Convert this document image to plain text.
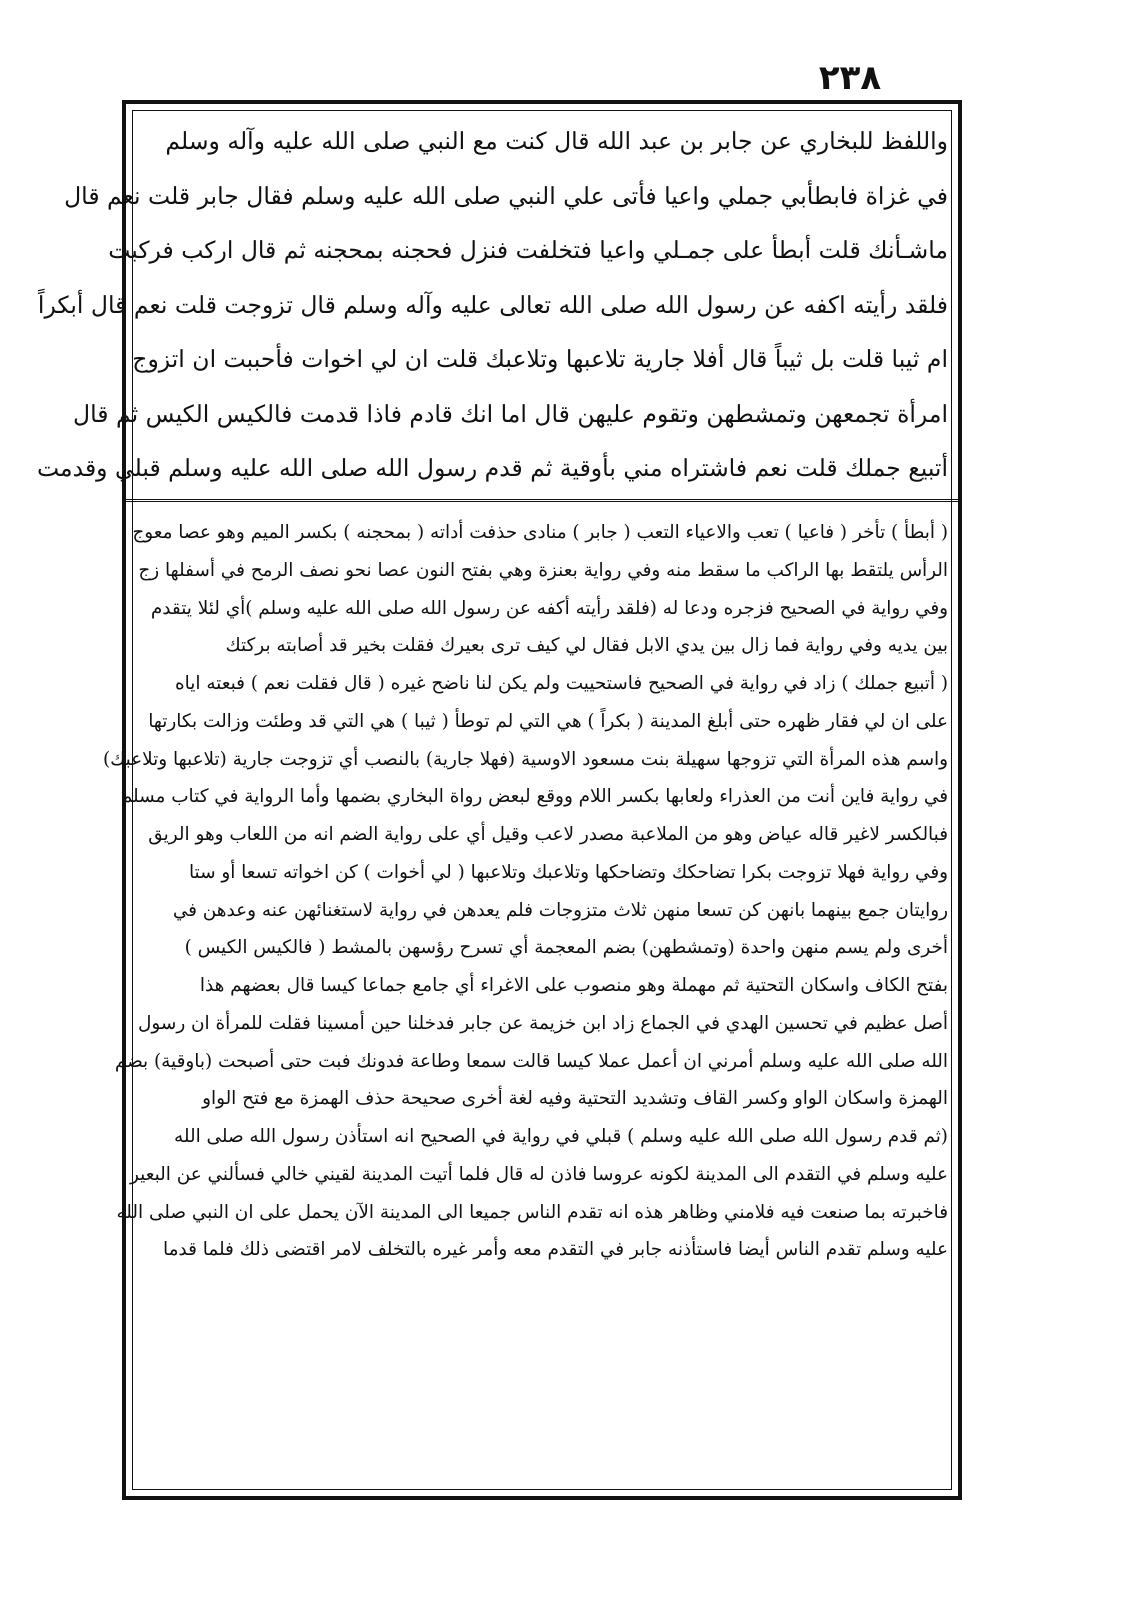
٢٣٨
واللفظ للبخاري عن جابر بن عبد الله قال كنت مع النبي صلى الله عليه وآله وسلم
في غزاة فابطأبي جملي واعيا فأتى علي النبي صلى الله عليه وسلم فقال جابر قلت نعم قال
ماشـأنك قلت أبطأ على جمـلي واعيا فتخلفت فنزل فحجنه بمحجنه ثم قال اركب فركبت
فلقد رأيته اكفه عن رسول الله صلى الله تعالى عليه وآله وسلم قال تزوجت قلت نعم قال أبكراً
ام ثيبا قلت بل ثيباً قال أفلا جارية تلاعبها وتلاعبك قلت ان لي اخوات فأحببت ان اتزوج
امرأة تجمعهن وتمشطهن وتقوم عليهن قال اما انك قادم فاذا قدمت فالكيس الكيس ثم قال
أتبيع جملك قلت نعم فاشتراه مني بأوقية ثم قدم رسول الله صلى الله عليه وسلم قبلي وقدمت
( أبطأ ) تأخر ( فاعيا ) تعب والاعياء التعب ( جابر ) منادى حذفت أداته ( بمحجنه ) بكسر الميم وهو عصا معوج
الرأس يلتقط بها الراكب ما سقط منه وفي رواية بعنزة وهي بفتح النون عصا نحو نصف الرمح في أسفلها زج
وفي رواية في الصحيح فزجره ودعا له (فلقد رأيته أكفه عن رسول الله صلى الله عليه وسلم )أي لئلا يتقدم
بين يديه وفي رواية فما زال بين يدي الابل فقال لي كيف ترى بعيرك فقلت بخير قد أصابته بركتك
( أتبيع جملك ) زاد في رواية في الصحيح فاستحييت ولم يكن لنا ناضح غيره ( قال فقلت نعم ) فبعته اياه
على ان لي فقار ظهره حتى أبلغ المدينة ( بكراً ) هي التي لم توطأ ( ثيبا ) هي التي قد وطئت وزالت بكارتها
واسم هذه المرأة التي تزوجها سهيلة بنت مسعود الاوسية (فهلا جارية) بالنصب أي تزوجت جارية (تلاعبها وتلاعبك)
في رواية فاين أنت من العذراء ولعابها بكسر اللام ووقع لبعض رواة البخاري بضمها وأما الرواية في كتاب مسلم
فبالكسر لاغير قاله عياض وهو من الملاعبة مصدر لاعب وقيل أي على رواية الضم انه من اللعاب وهو الريق
وفي رواية فهلا تزوجت بكرا تضاحكك وتضاحكها وتلاعبك وتلاعبها ( لي أخوات ) كن اخواته تسعا أو ستا
روايتان جمع بينهما بانهن كن تسعا منهن ثلاث متزوجات فلم يعدهن في رواية لاستغنائهن عنه وعدهن في
أخرى ولم يسم منهن واحدة (وتمشطهن) بضم المعجمة أي تسرح رؤسهن بالمشط ( فالكيس الكيس )
بفتح الكاف واسكان التحتية ثم مهملة وهو منصوب على الاغراء أي جامع جماعا كيسا قال بعضهم هذا
أصل عظيم في تحسين الهدي في الجماع زاد ابن خزيمة عن جابر فدخلنا حين أمسينا فقلت للمرأة ان رسول
الله صلى الله عليه وسلم أمرني ان أعمل عملا كيسا قالت سمعا وطاعة فدونك فبت حتى أصبحت (باوقية) بضم
الهمزة واسكان الواو وكسر القاف وتشديد التحتية وفيه لغة أخرى صحيحة حذف الهمزة مع فتح الواو
(ثم قدم رسول الله صلى الله عليه وسلم ) قبلي في رواية في الصحيح انه استأذن رسول الله صلى الله
عليه وسلم في التقدم الى المدينة لكونه عروسا فاذن له قال فلما أتيت المدينة لقيني خالي فسألني عن البعير
فاخبرته بما صنعت فيه فلامني وظاهر هذه انه تقدم الناس جميعا الى المدينة الآن يحمل على ان النبي صلى الله
عليه وسلم تقدم الناس أيضا فاستأذنه جابر في التقدم معه وأمر غيره بالتخلف لامر اقتضى ذلك فلما قدما
